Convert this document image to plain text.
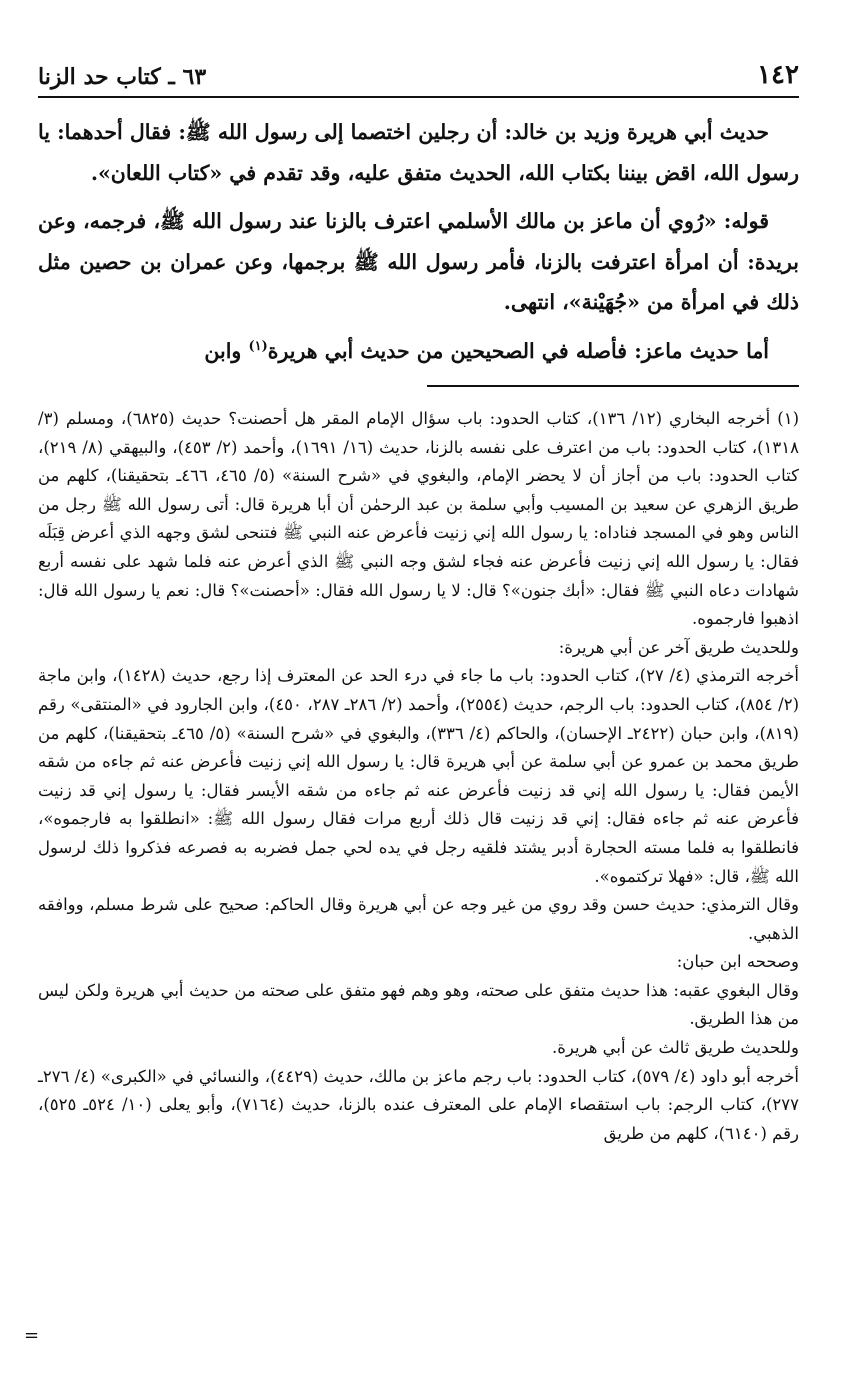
١٤٢
٦٣ ـ كتاب حد الزنا

حديث أبي هريرة وزيد بن خالد: أن رجلين اختصما إلى رسول الله ﷺ: فقال أحدهما: يا رسول الله، اقض بيننا بكتاب الله، الحديث متفق عليه، وقد تقدم في «كتاب اللعان».

قوله: «رُوي أن ماعز بن مالك الأسلمي اعترف بالزنا عند رسول الله ﷺ، فرجمه، وعن بريدة: أن امرأة اعترفت بالزنا، فأمر رسول الله ﷺ برجمها، وعن عمران بن حصين مثل ذلك في امرأة من «جُهَيْنة»، انتهى.

أما حديث ماعز: فأصله في الصحيحين من حديث أبي هريرة$^{(١)}$ وابن

(١) أخرجه البخاري (١٢/ ١٣٦)، كتاب الحدود: باب سؤال الإمام المقر هل أحصنت؟ حديث (٦٨٢٥)، ومسلم (٣/ ١٣١٨)، كتاب الحدود: باب من اعترف على نفسه بالزنا، حديث (١٦/ ١٦٩١)، وأحمد (٢/ ٤٥٣)، والبيهقي (٨/ ٢١٩)، كتاب الحدود: باب من أجاز أن لا يحضر الإمام، والبغوي في «شرح السنة» (٥/ ٤٦٥، ٤٦٦ـ بتحقيقنا)، كلهم من طريق الزهري عن سعيد بن المسيب وأبي سلمة بن عبد الرحمٰن أن أبا هريرة قال: أتى رسول الله ﷺ رجل من الناس وهو في المسجد فناداه: يا رسول الله إني زنيت فأعرض عنه النبي ﷺ فتنحى لشق وجهه الذي أعرض قِبَلَه فقال: يا رسول الله إني زنيت فأعرض عنه فجاء لشق وجه النبي ﷺ الذي أعرض عنه فلما شهد على نفسه أربع شهادات دعاه النبي ﷺ فقال: «أبك جنون»؟ قال: لا يا رسول الله فقال: «أحصنت»؟ قال: نعم يا رسول الله قال: اذهبوا فارجموه.

وللحديث طريق آخر عن أبي هريرة:

أخرجه الترمذي (٤/ ٢٧)، كتاب الحدود: باب ما جاء في درء الحد عن المعترف إذا رجع، حديث (١٤٢٨)، وابن ماجة (٢/ ٨٥٤)، كتاب الحدود: باب الرجم، حديث (٢٥٥٤)، وأحمد (٢/ ٢٨٦ـ ٢٨٧، ٤٥٠)، وابن الجارود في «المنتقى» رقم (٨١٩)، وابن حبان (٢٤٢٢ـ الإحسان)، والحاكم (٤/ ٣٣٦)، والبغوي في «شرح السنة» (٥/ ٤٦٥ـ بتحقيقنا)، كلهم من طريق محمد بن عمرو عن أبي سلمة عن أبي هريرة قال: يا رسول الله إني زنيت فأعرض عنه ثم جاءه من شقه الأيمن فقال: يا رسول الله إني قد زنيت فأعرض عنه ثم جاءه من شقه الأيسر فقال: يا رسول إني قد زنيت فأعرض عنه ثم جاءه فقال: إني قد زنيت قال ذلك أربع مرات فقال رسول الله ﷺ: «انطلقوا به فارجموه»، فانطلقوا به فلما مسته الحجارة أدبر يشتد فلقيه رجل في يده لحي جمل فضربه به فصرعه فذكروا ذلك لرسول الله ﷺ، قال: «فهلا تركتموه».

وقال الترمذي: حديث حسن وقد روي من غير وجه عن أبي هريرة وقال الحاكم: صحيح على شرط مسلم، ووافقه الذهبي.

وصححه ابن حبان:

وقال البغوي عقبه: هذا حديث متفق على صحته، وهو وهم فهو متفق على صحته من حديث أبي هريرة ولكن ليس من هذا الطريق.

وللحديث طريق ثالث عن أبي هريرة.

أخرجه أبو داود (٤/ ٥٧٩)، كتاب الحدود: باب رجم ماعز بن مالك، حديث (٤٤٢٩)، والنسائي في «الكبرى» (٤/ ٢٧٦ـ ٢٧٧)، كتاب الرجم: باب استقصاء الإمام على المعترف عنده بالزنا، حديث (٧١٦٤)، وأبو يعلى (١٠/ ٥٢٤ـ ٥٢٥)، رقم (٦١٤٠)، كلهم من طريق

=
